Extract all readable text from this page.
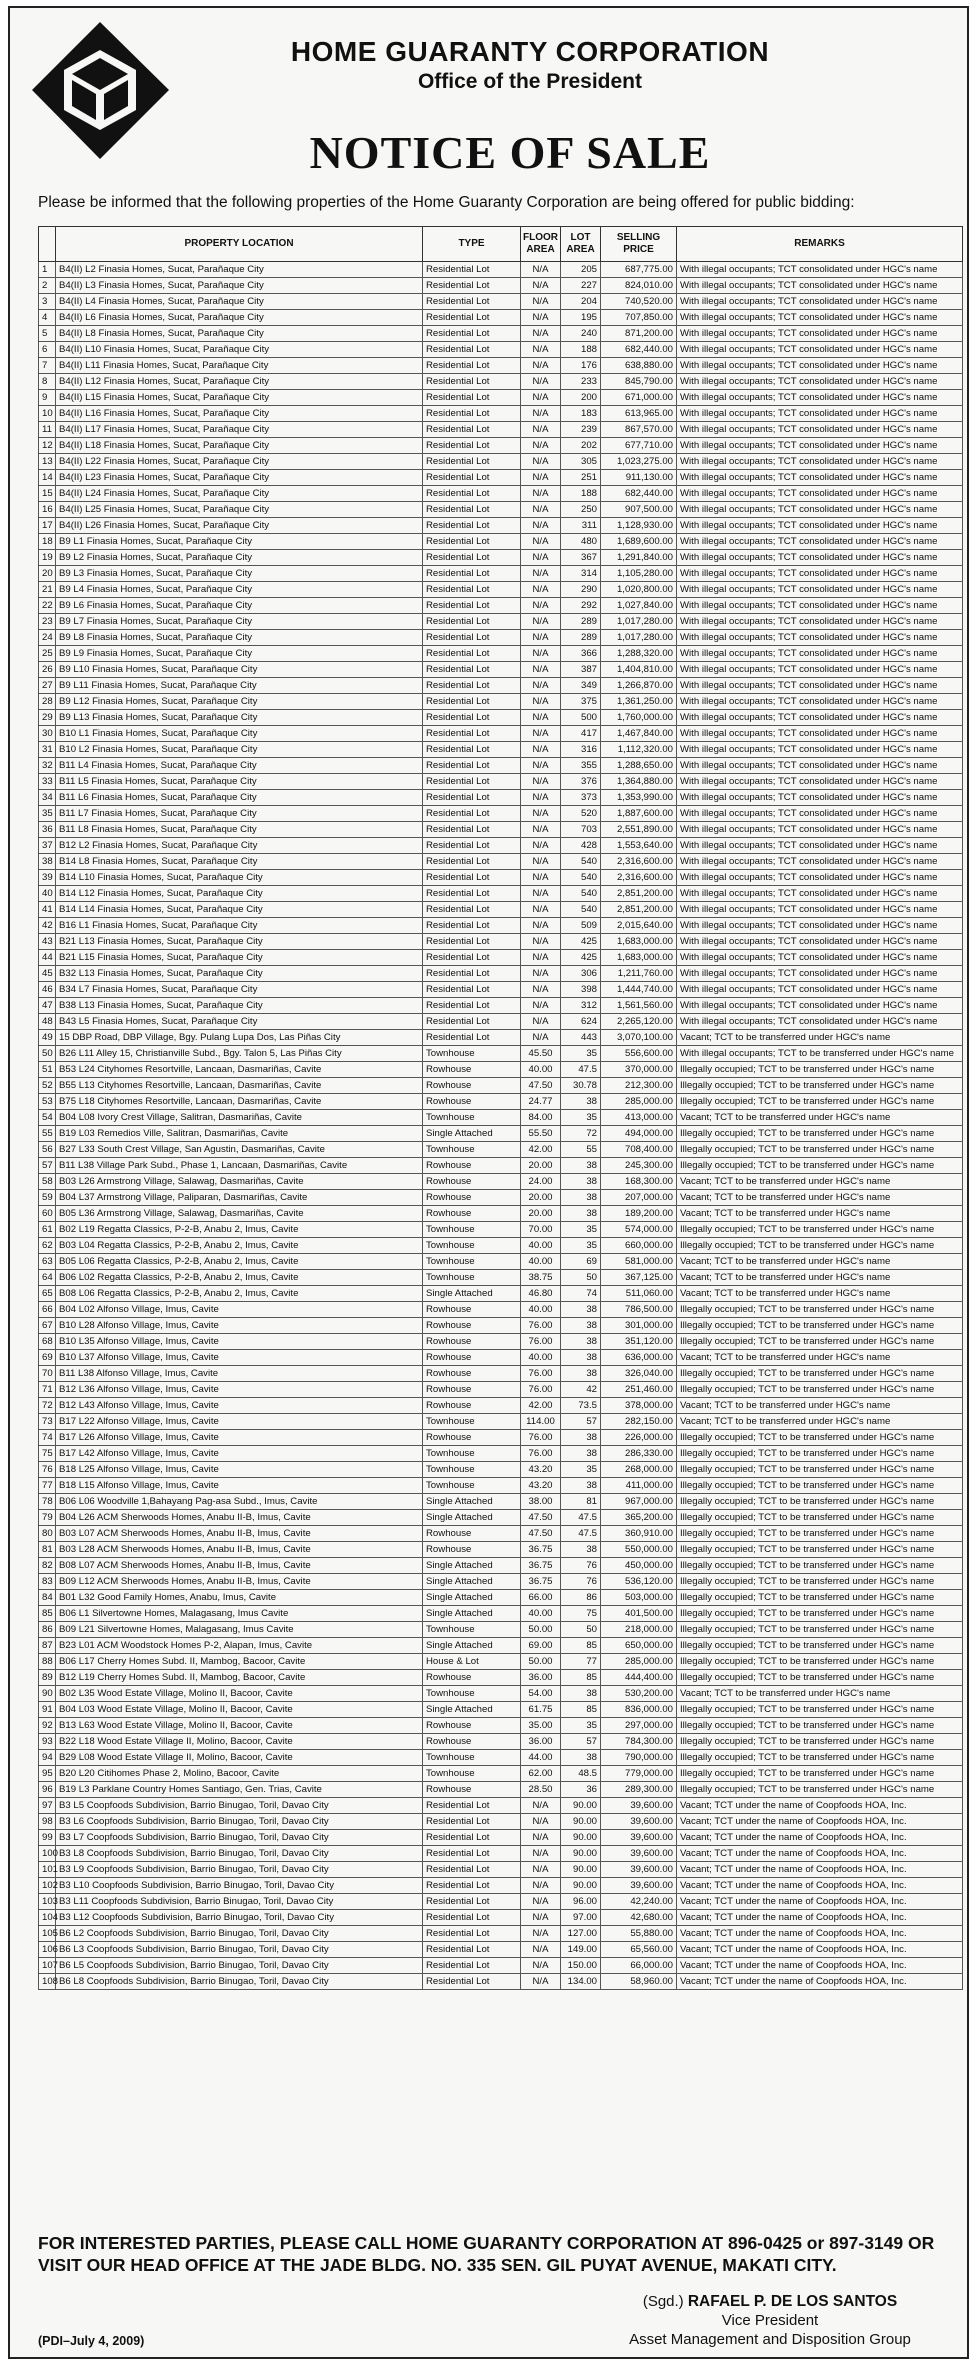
HOME GUARANTY CORPORATION
Office of the President
NOTICE OF SALE
Please be informed that the following properties of the Home Guaranty Corporation are being offered for public bidding:
	PROPERTY LOCATION	TYPE	FLOOR AREA	LOT AREA	SELLING PRICE	REMARKS
1	B4(II) L2 Finasia Homes, Sucat, Parañaque City	Residential Lot	N/A	205	687,775.00	With illegal occupants; TCT consolidated under HGC's name
2	B4(II) L3 Finasia Homes, Sucat, Parañaque City	Residential Lot	N/A	227	824,010.00	With illegal occupants; TCT consolidated under HGC's name
3	B4(II) L4 Finasia Homes, Sucat, Parañaque City	Residential Lot	N/A	204	740,520.00	With illegal occupants; TCT consolidated under HGC's name
4	B4(II) L6 Finasia Homes, Sucat, Parañaque City	Residential Lot	N/A	195	707,850.00	With illegal occupants; TCT consolidated under HGC's name
5	B4(II) L8 Finasia Homes, Sucat, Parañaque City	Residential Lot	N/A	240	871,200.00	With illegal occupants; TCT consolidated under HGC's name
6	B4(II) L10 Finasia Homes, Sucat, Parañaque City	Residential Lot	N/A	188	682,440.00	With illegal occupants; TCT consolidated under HGC's name
7	B4(II) L11 Finasia Homes, Sucat, Parañaque City	Residential Lot	N/A	176	638,880.00	With illegal occupants; TCT consolidated under HGC's name
8	B4(II) L12 Finasia Homes, Sucat, Parañaque City	Residential Lot	N/A	233	845,790.00	With illegal occupants; TCT consolidated under HGC's name
9	B4(II) L15 Finasia Homes, Sucat, Parañaque City	Residential Lot	N/A	200	671,000.00	With illegal occupants; TCT consolidated under HGC's name
10	B4(II) L16 Finasia Homes, Sucat, Parañaque City	Residential Lot	N/A	183	613,965.00	With illegal occupants; TCT consolidated under HGC's name
11	B4(II) L17 Finasia Homes, Sucat, Parañaque City	Residential Lot	N/A	239	867,570.00	With illegal occupants; TCT consolidated under HGC's name
12	B4(II) L18 Finasia Homes, Sucat, Parañaque City	Residential Lot	N/A	202	677,710.00	With illegal occupants; TCT consolidated under HGC's name
13	B4(II) L22 Finasia Homes, Sucat, Parañaque City	Residential Lot	N/A	305	1,023,275.00	With illegal occupants; TCT consolidated under HGC's name
14	B4(II) L23 Finasia Homes, Sucat, Parañaque City	Residential Lot	N/A	251	911,130.00	With illegal occupants; TCT consolidated under HGC's name
15	B4(II) L24 Finasia Homes, Sucat, Parañaque City	Residential Lot	N/A	188	682,440.00	With illegal occupants; TCT consolidated under HGC's name
16	B4(II) L25 Finasia Homes, Sucat, Parañaque City	Residential Lot	N/A	250	907,500.00	With illegal occupants; TCT consolidated under HGC's name
17	B4(II) L26 Finasia Homes, Sucat, Parañaque City	Residential Lot	N/A	311	1,128,930.00	With illegal occupants; TCT consolidated under HGC's name
18	B9 L1 Finasia Homes, Sucat, Parañaque City	Residential Lot	N/A	480	1,689,600.00	With illegal occupants; TCT consolidated under HGC's name
19	B9 L2 Finasia Homes, Sucat, Parañaque City	Residential Lot	N/A	367	1,291,840.00	With illegal occupants; TCT consolidated under HGC's name
20	B9 L3 Finasia Homes, Sucat, Parañaque City	Residential Lot	N/A	314	1,105,280.00	With illegal occupants; TCT consolidated under HGC's name
21	B9 L4 Finasia Homes, Sucat, Parañaque City	Residential Lot	N/A	290	1,020,800.00	With illegal occupants; TCT consolidated under HGC's name
22	B9 L6 Finasia Homes, Sucat, Parañaque City	Residential Lot	N/A	292	1,027,840.00	With illegal occupants; TCT consolidated under HGC's name
23	B9 L7 Finasia Homes, Sucat, Parañaque City	Residential Lot	N/A	289	1,017,280.00	With illegal occupants; TCT consolidated under HGC's name
24	B9 L8 Finasia Homes, Sucat, Parañaque City	Residential Lot	N/A	289	1,017,280.00	With illegal occupants; TCT consolidated under HGC's name
25	B9 L9 Finasia Homes, Sucat, Parañaque City	Residential Lot	N/A	366	1,288,320.00	With illegal occupants; TCT consolidated under HGC's name
26	B9 L10 Finasia Homes, Sucat, Parañaque City	Residential Lot	N/A	387	1,404,810.00	With illegal occupants; TCT consolidated under HGC's name
27	B9 L11 Finasia Homes, Sucat, Parañaque City	Residential Lot	N/A	349	1,266,870.00	With illegal occupants; TCT consolidated under HGC's name
28	B9 L12 Finasia Homes, Sucat, Parañaque City	Residential Lot	N/A	375	1,361,250.00	With illegal occupants; TCT consolidated under HGC's name
29	B9 L13 Finasia Homes, Sucat, Parañaque City	Residential Lot	N/A	500	1,760,000.00	With illegal occupants; TCT consolidated under HGC's name
30	B10 L1 Finasia Homes, Sucat, Parañaque City	Residential Lot	N/A	417	1,467,840.00	With illegal occupants; TCT consolidated under HGC's name
31	B10 L2 Finasia Homes, Sucat, Parañaque City	Residential Lot	N/A	316	1,112,320.00	With illegal occupants; TCT consolidated under HGC's name
32	B11 L4 Finasia Homes, Sucat, Parañaque City	Residential Lot	N/A	355	1,288,650.00	With illegal occupants; TCT consolidated under HGC's name
33	B11 L5 Finasia Homes, Sucat, Parañaque City	Residential Lot	N/A	376	1,364,880.00	With illegal occupants; TCT consolidated under HGC's name
34	B11 L6 Finasia Homes, Sucat, Parañaque City	Residential Lot	N/A	373	1,353,990.00	With illegal occupants; TCT consolidated under HGC's name
35	B11 L7 Finasia Homes, Sucat, Parañaque City	Residential Lot	N/A	520	1,887,600.00	With illegal occupants; TCT consolidated under HGC's name
36	B11 L8 Finasia Homes, Sucat, Parañaque City	Residential Lot	N/A	703	2,551,890.00	With illegal occupants; TCT consolidated under HGC's name
37	B12 L2 Finasia Homes, Sucat, Parañaque City	Residential Lot	N/A	428	1,553,640.00	With illegal occupants; TCT consolidated under HGC's name
38	B14 L8 Finasia Homes, Sucat, Parañaque City	Residential Lot	N/A	540	2,316,600.00	With illegal occupants; TCT consolidated under HGC's name
39	B14 L10 Finasia Homes, Sucat, Parañaque City	Residential Lot	N/A	540	2,316,600.00	With illegal occupants; TCT consolidated under HGC's name
40	B14 L12 Finasia Homes, Sucat, Parañaque City	Residential Lot	N/A	540	2,851,200.00	With illegal occupants; TCT consolidated under HGC's name
41	B14 L14 Finasia Homes, Sucat, Parañaque City	Residential Lot	N/A	540	2,851,200.00	With illegal occupants; TCT consolidated under HGC's name
42	B16 L1 Finasia Homes, Sucat, Parañaque City	Residential Lot	N/A	509	2,015,640.00	With illegal occupants; TCT consolidated under HGC's name
43	B21 L13 Finasia Homes, Sucat, Parañaque City	Residential Lot	N/A	425	1,683,000.00	With illegal occupants; TCT consolidated under HGC's name
44	B21 L15 Finasia Homes, Sucat, Parañaque City	Residential Lot	N/A	425	1,683,000.00	With illegal occupants; TCT consolidated under HGC's name
45	B32 L13 Finasia Homes, Sucat, Parañaque City	Residential Lot	N/A	306	1,211,760.00	With illegal occupants; TCT consolidated under HGC's name
46	B34 L7 Finasia Homes, Sucat, Parañaque City	Residential Lot	N/A	398	1,444,740.00	With illegal occupants; TCT consolidated under HGC's name
47	B38 L13 Finasia Homes, Sucat, Parañaque City	Residential Lot	N/A	312	1,561,560.00	With illegal occupants; TCT consolidated under HGC's name
48	B43 L5 Finasia Homes, Sucat, Parañaque City	Residential Lot	N/A	624	2,265,120.00	With illegal occupants; TCT consolidated under HGC's name
49	15 DBP Road, DBP Village, Bgy. Pulang Lupa Dos, Las Piñas City	Residential Lot	N/A	443	3,070,100.00	Vacant; TCT to be transferred under HGC's name
50	B26 L11 Alley 15, Christianville Subd., Bgy. Talon 5, Las Piñas City	Townhouse	45.50	35	556,600.00	With illegal occupants; TCT to be transferred under HGC's name
51	B53 L24 Cityhomes Resortville, Lancaan, Dasmariñas, Cavite	Rowhouse	40.00	47.5	370,000.00	Illegally occupied; TCT to be transferred under HGC's name
52	B55 L13 Cityhomes Resortville, Lancaan, Dasmariñas, Cavite	Rowhouse	47.50	30.78	212,300.00	Illegally occupied; TCT to be transferred under HGC's name
53	B75 L18 Cityhomes Resortville, Lancaan, Dasmariñas, Cavite	Rowhouse	24.77	38	285,000.00	Illegally occupied; TCT to be transferred under HGC's name
54	B04 L08 Ivory Crest Village, Salitran, Dasmariñas, Cavite	Townhouse	84.00	35	413,000.00	Vacant; TCT to be transferred under HGC's name
55	B19 L03 Remedios Ville, Salitran, Dasmariñas, Cavite	Single Attached	55.50	72	494,000.00	Illegally occupied; TCT to be transferred under HGC's name
56	B27 L33 South Crest Village, San Agustin, Dasmariñas, Cavite	Townhouse	42.00	55	708,400.00	Illegally occupied; TCT to be transferred under HGC's name
57	B11 L38 Village Park Subd., Phase 1, Lancaan, Dasmariñas, Cavite	Rowhouse	20.00	38	245,300.00	Illegally occupied; TCT to be transferred under HGC's name
58	B03 L26 Armstrong Village, Salawag, Dasmariñas, Cavite	Rowhouse	24.00	38	168,300.00	Vacant; TCT to be transferred under HGC's name
59	B04 L37 Armstrong Village, Paliparan, Dasmariñas, Cavite	Rowhouse	20.00	38	207,000.00	Vacant; TCT to be transferred under HGC's name
60	B05 L36 Armstrong Village, Salawag, Dasmariñas, Cavite	Rowhouse	20.00	38	189,200.00	Vacant; TCT to be transferred under HGC's name
61	B02 L19 Regatta Classics, P-2-B, Anabu 2, Imus, Cavite	Townhouse	70.00	35	574,000.00	Illegally occupied; TCT to be transferred under HGC's name
62	B03 L04 Regatta Classics, P-2-B, Anabu 2, Imus, Cavite	Townhouse	40.00	35	660,000.00	Illegally occupied; TCT to be transferred under HGC's name
63	B05 L06 Regatta Classics, P-2-B, Anabu 2, Imus, Cavite	Townhouse	40.00	69	581,000.00	Vacant; TCT to be transferred under HGC's name
64	B06 L02 Regatta Classics, P-2-B, Anabu 2, Imus, Cavite	Townhouse	38.75	50	367,125.00	Vacant; TCT to be transferred under HGC's name
65	B08 L06 Regatta Classics, P-2-B, Anabu 2, Imus, Cavite	Single Attached	46.80	74	511,060.00	Vacant; TCT to be transferred under HGC's name
66	B04 L02 Alfonso Village, Imus, Cavite	Rowhouse	40.00	38	786,500.00	Illegally occupied; TCT to be transferred under HGC's name
67	B10 L28 Alfonso Village, Imus, Cavite	Rowhouse	76.00	38	301,000.00	Illegally occupied; TCT to be transferred under HGC's name
68	B10 L35 Alfonso Village, Imus, Cavite	Rowhouse	76.00	38	351,120.00	Illegally occupied; TCT to be transferred under HGC's name
69	B10 L37 Alfonso Village, Imus, Cavite	Rowhouse	40.00	38	636,000.00	Vacant; TCT to be transferred under HGC's name
70	B11 L38 Alfonso Village, Imus, Cavite	Rowhouse	76.00	38	326,040.00	Illegally occupied; TCT to be transferred under HGC's name
71	B12 L36 Alfonso Village, Imus, Cavite	Rowhouse	76.00	42	251,460.00	Illegally occupied; TCT to be transferred under HGC's name
72	B12 L43 Alfonso Village, Imus, Cavite	Rowhouse	42.00	73.5	378,000.00	Vacant; TCT to be transferred under HGC's name
73	B17 L22 Alfonso Village, Imus, Cavite	Townhouse	114.00	57	282,150.00	Vacant; TCT to be transferred under HGC's name
74	B17 L26 Alfonso Village, Imus, Cavite	Rowhouse	76.00	38	226,000.00	Illegally occupied; TCT to be transferred under HGC's name
75	B17 L42 Alfonso Village, Imus, Cavite	Townhouse	76.00	38	286,330.00	Illegally occupied; TCT to be transferred under HGC's name
76	B18 L25 Alfonso Village, Imus, Cavite	Townhouse	43.20	35	268,000.00	Illegally occupied; TCT to be transferred under HGC's name
77	B18 L15 Alfonso Village, Imus, Cavite	Townhouse	43.20	38	411,000.00	Illegally occupied; TCT to be transferred under HGC's name
78	B06 L06 Woodville 1,Bahayang Pag-asa Subd., Imus, Cavite	Single Attached	38.00	81	967,000.00	Illegally occupied; TCT to be transferred under HGC's name
79	B04 L26 ACM Sherwoods Homes, Anabu II-B, Imus, Cavite	Single Attached	47.50	47.5	365,200.00	Illegally occupied; TCT to be transferred under HGC's name
80	B03 L07 ACM Sherwoods Homes, Anabu II-B, Imus, Cavite	Rowhouse	47.50	47.5	360,910.00	Illegally occupied; TCT to be transferred under HGC's name
81	B03 L28 ACM Sherwoods Homes, Anabu II-B, Imus, Cavite	Rowhouse	36.75	38	550,000.00	Illegally occupied; TCT to be transferred under HGC's name
82	B08 L07 ACM Sherwoods Homes, Anabu II-B, Imus, Cavite	Single Attached	36.75	76	450,000.00	Illegally occupied; TCT to be transferred under HGC's name
83	B09 L12 ACM Sherwoods Homes, Anabu II-B, Imus, Cavite	Single Attached	36.75	76	536,120.00	Illegally occupied; TCT to be transferred under HGC's name
84	B01 L32 Good Family Homes, Anabu, Imus, Cavite	Single Attached	66.00	86	503,000.00	Illegally occupied; TCT to be transferred under HGC's name
85	B06 L1 Silvertowne Homes, Malagasang, Imus Cavite	Single Attached	40.00	75	401,500.00	Illegally occupied; TCT to be transferred under HGC's name
86	B09 L21 Silvertowne Homes, Malagasang, Imus Cavite	Townhouse	50.00	50	218,000.00	Illegally occupied; TCT to be transferred under HGC's name
87	B23 L01 ACM Woodstock Homes P-2, Alapan, Imus, Cavite	Single Attached	69.00	85	650,000.00	Illegally occupied; TCT to be transferred under HGC's name
88	B06 L17 Cherry Homes Subd. II, Mambog, Bacoor, Cavite	House & Lot	50.00	77	285,000.00	Illegally occupied; TCT to be transferred under HGC's name
89	B12 L19 Cherry Homes Subd. II, Mambog, Bacoor, Cavite	Rowhouse	36.00	85	444,400.00	Illegally occupied; TCT to be transferred under HGC's name
90	B02 L35 Wood Estate Village, Molino II, Bacoor, Cavite	Townhouse	54.00	38	530,200.00	Vacant; TCT to be transferred under HGC's name
91	B04 L03 Wood Estate Village, Molino II, Bacoor, Cavite	Single Attached	61.75	85	836,000.00	Illegally occupied; TCT to be transferred under HGC's name
92	B13 L63 Wood Estate Village, Molino II, Bacoor, Cavite	Rowhouse	35.00	35	297,000.00	Illegally occupied; TCT to be transferred under HGC's name
93	B22 L18 Wood Estate Village II, Molino, Bacoor, Cavite	Rowhouse	36.00	57	784,300.00	Illegally occupied; TCT to be transferred under HGC's name
94	B29 L08 Wood Estate Village II, Molino, Bacoor, Cavite	Townhouse	44.00	38	790,000.00	Illegally occupied; TCT to be transferred under HGC's name
95	B20 L20 Citihomes Phase 2, Molino, Bacoor, Cavite	Townhouse	62.00	48.5	779,000.00	Illegally occupied; TCT to be transferred under HGC's name
96	B19 L3 Parklane Country Homes Santiago, Gen. Trias, Cavite	Rowhouse	28.50	36	289,300.00	Illegally occupied; TCT to be transferred under HGC's name
97	B3 L5 Coopfoods Subdivision, Barrio Binugao, Toril, Davao City	Residential Lot	N/A	90.00	39,600.00	Vacant; TCT under the name of Coopfoods HOA, Inc.
98	B3 L6 Coopfoods Subdivision, Barrio Binugao, Toril, Davao City	Residential Lot	N/A	90.00	39,600.00	Vacant; TCT under the name of Coopfoods HOA, Inc.
99	B3 L7 Coopfoods Subdivision, Barrio Binugao, Toril, Davao City	Residential Lot	N/A	90.00	39,600.00	Vacant; TCT under the name of Coopfoods HOA, Inc.
100	B3 L8 Coopfoods Subdivision, Barrio Binugao, Toril, Davao City	Residential Lot	N/A	90.00	39,600.00	Vacant; TCT under the name of Coopfoods HOA, Inc.
101	B3 L9 Coopfoods Subdivision, Barrio Binugao, Toril, Davao City	Residential Lot	N/A	90.00	39,600.00	Vacant; TCT under the name of Coopfoods HOA, Inc.
102	B3 L10 Coopfoods Subdivision, Barrio Binugao, Toril, Davao City	Residential Lot	N/A	90.00	39,600.00	Vacant; TCT under the name of Coopfoods HOA, Inc.
103	B3 L11 Coopfoods Subdivision, Barrio Binugao, Toril, Davao City	Residential Lot	N/A	96.00	42,240.00	Vacant; TCT under the name of Coopfoods HOA, Inc.
104	B3 L12 Coopfoods Subdivision, Barrio Binugao, Toril, Davao City	Residential Lot	N/A	97.00	42,680.00	Vacant; TCT under the name of Coopfoods HOA, Inc.
105	B6 L2 Coopfoods Subdivision, Barrio Binugao, Toril, Davao City	Residential Lot	N/A	127.00	55,880.00	Vacant; TCT under the name of Coopfoods HOA, Inc.
106	B6 L3 Coopfoods Subdivision, Barrio Binugao, Toril, Davao City	Residential Lot	N/A	149.00	65,560.00	Vacant; TCT under the name of Coopfoods HOA, Inc.
107	B6 L5 Coopfoods Subdivision, Barrio Binugao, Toril, Davao City	Residential Lot	N/A	150.00	66,000.00	Vacant; TCT under the name of Coopfoods HOA, Inc.
108	B6 L8 Coopfoods Subdivision, Barrio Binugao, Toril, Davao City	Residential Lot	N/A	134.00	58,960.00	Vacant; TCT under the name of Coopfoods HOA, Inc.
FOR INTERESTED PARTIES, PLEASE CALL HOME GUARANTY CORPORATION AT 896-0425 or 897-3149 OR VISIT OUR HEAD OFFICE AT THE JADE BLDG. NO. 335 SEN. GIL PUYAT AVENUE, MAKATI CITY.
(Sgd.) RAFAEL P. DE LOS SANTOS
Vice President
Asset Management and Disposition Group
(PDI–July 4, 2009)
